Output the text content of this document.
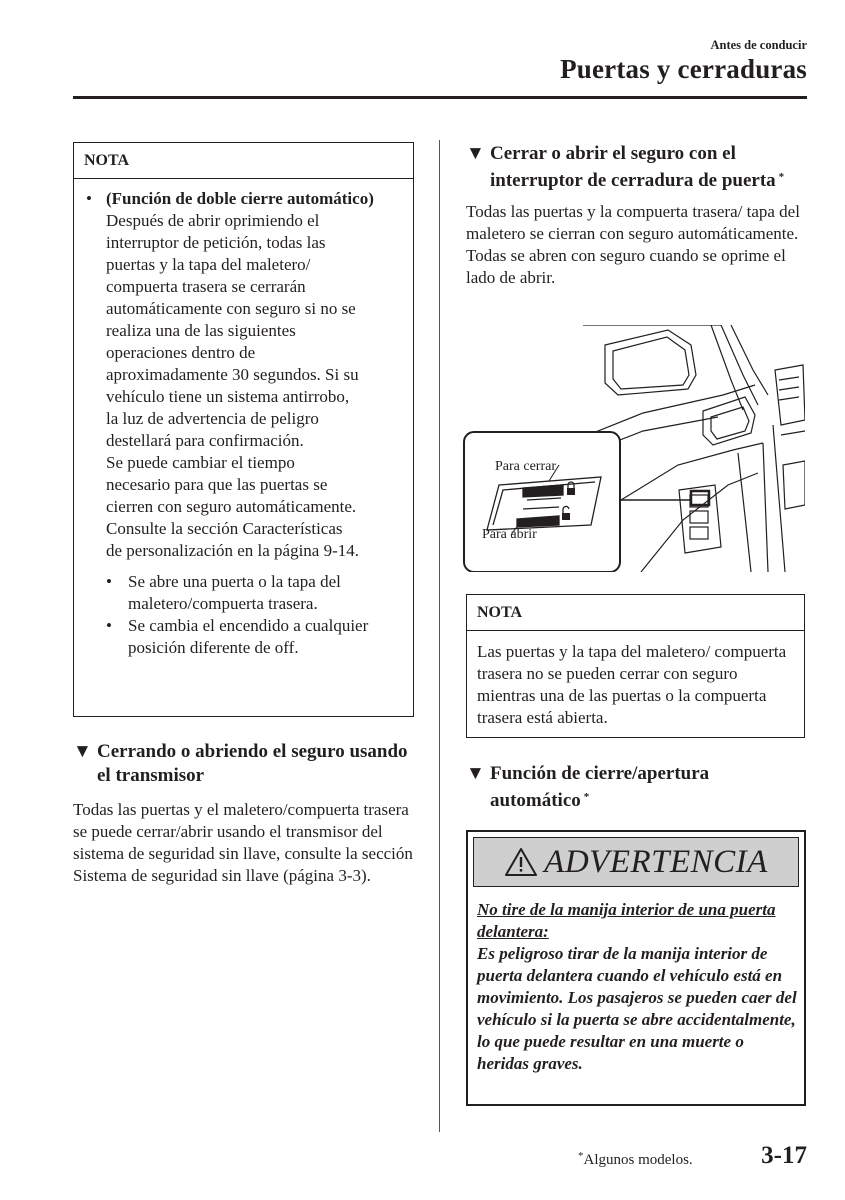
Antes de conducir
Puertas y cerraduras
NOTA
• (Función de doble cierre automático)
Después de abrir oprimiendo el
interruptor de petición, todas las
puertas y la tapa del maletero/
compuerta trasera se cerrarán
automáticamente con seguro si no se
realiza una de las siguientes
operaciones dentro de
aproximadamente 30 segundos. Si su
vehículo tiene un sistema antirrobo,
la luz de advertencia de peligro
destellará para confirmación.
Se puede cambiar el tiempo
necesario para que las puertas se
cierren con seguro automáticamente.
Consulte la sección Características
de personalización en la página 9-14.
• Se abre una puerta o la tapa del maletero/compuerta trasera.
• Se cambia el encendido a cualquier posición diferente de off.
▼ Cerrando o abriendo el seguro usando el transmisor
Todas las puertas y el maletero/compuerta trasera se puede cerrar/abrir usando el transmisor del sistema de seguridad sin llave, consulte la sección Sistema de seguridad sin llave (página 3-3).
▼ Cerrar o abrir el seguro con el interruptor de cerradura de puerta *
Todas las puertas y la compuerta trasera/ tapa del maletero se cierran con seguro automáticamente.
Todas se abren con seguro cuando se oprime el lado de abrir.
Para cerrar
Para abrir
NOTA
Las puertas y la tapa del maletero/ compuerta trasera no se pueden cerrar con seguro mientras una de las puertas o la compuerta trasera está abierta.
▼ Función de cierre/apertura automático *
ADVERTENCIA
No tire de la manija interior de una puerta delantera:
Es peligroso tirar de la manija interior de puerta delantera cuando el vehículo está en movimiento. Los pasajeros se pueden caer del vehículo si la puerta se abre accidentalmente, lo que puede resultar en una muerte o heridas graves.
*Algunos modelos.	3-17
